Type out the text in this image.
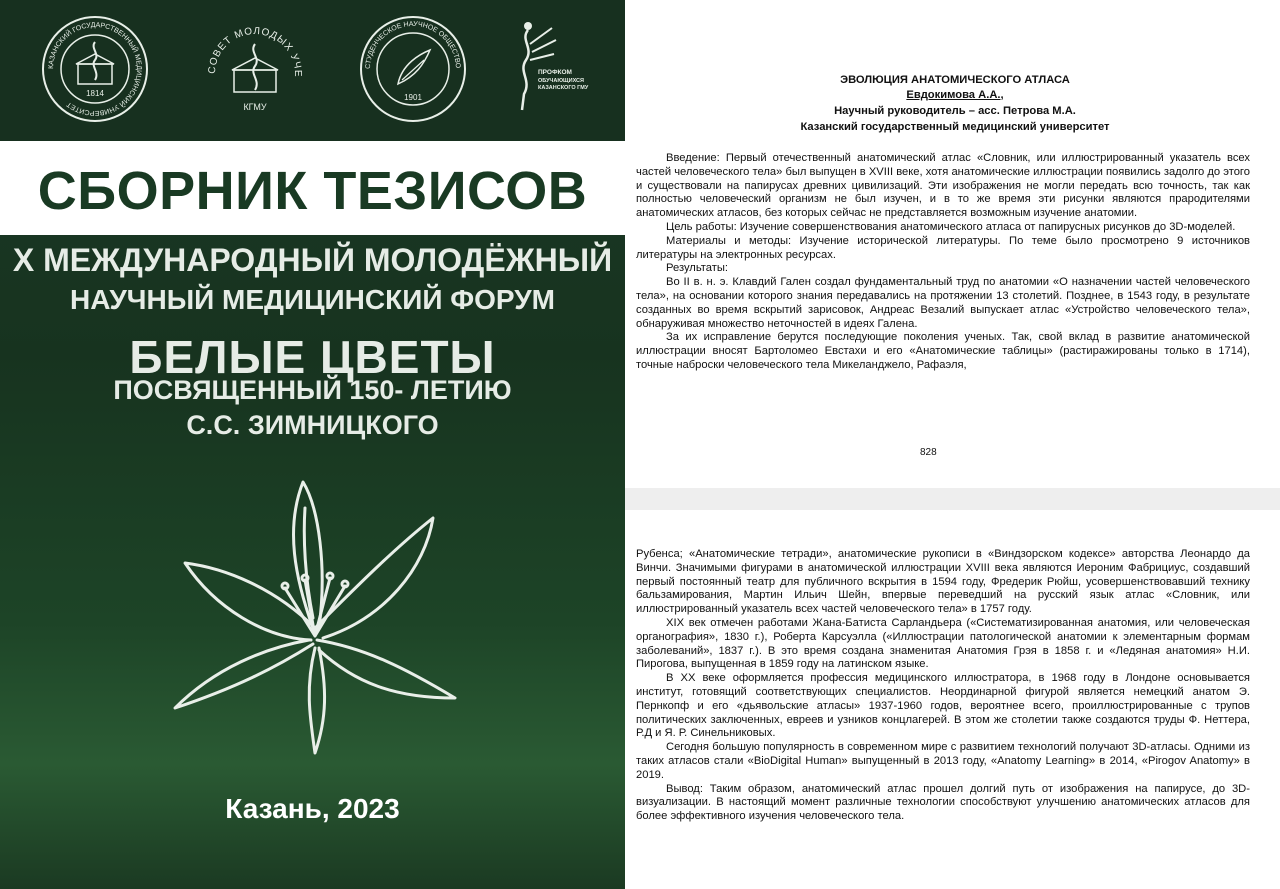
КАЗАНСКИЙ ГОСУДАРСТВЕННЫЙ МЕДИЦИНСКИЙ УНИВЕРСИТЕТ
1814
СОВЕТ МОЛОДЫХ УЧЕ
КГМУ
СТУДЕНЧЕСКОЕ НАУЧНОЕ ОБЩЕСТВО
1901
ПРОФКОМ
ОБУЧАЮЩИХСЯ
КАЗАНСКОГО ГМУ
СБОРНИК ТЕЗИСОВ
X МЕЖДУНАРОДНЫЙ МОЛОДЁЖНЫЙ
НАУЧНЫЙ МЕДИЦИНСКИЙ ФОРУМ
БЕЛЫЕ ЦВЕТЫ
ПОСВЯЩЕННЫЙ 150- ЛЕТИЮ
С.С. ЗИМНИЦКОГО
Казань, 2023
ЭВОЛЮЦИЯ АНАТОМИЧЕСКОГО АТЛАСА
Евдокимова А.А.,
Научный руководитель – асс. Петрова М.А.
Казанский государственный медицинский университет
Введение: Первый отечественный анатомический атлас «Словник, или иллюстрированный указатель всех частей человеческого тела» был выпущен в XVIII веке, хотя анатомические иллюстрации появились задолго до этого и существовали на папирусах древних цивилизаций. Эти изображения не могли передать всю точность, так как полностью человеческий организм не был изучен, и в то же время эти рисунки являются прародителями анатомических атласов, без которых сейчас не представляется возможным изучение анатомии.
Цель работы: Изучение совершенствования анатомического атласа от папирусных рисунков до 3D-моделей.
Материалы и методы: Изучение исторической литературы. По теме было просмотрено 9 источников литературы на электронных ресурсах.
Результаты:
Во II в. н. э. Клавдий Гален создал фундаментальный труд по анатомии «О назначении частей человеческого тела», на основании которого знания передавались на протяжении 13 столетий. Позднее, в 1543 году, в результате созданных во время вскрытий зарисовок, Андреас Везалий выпускает атлас «Устройство человеческого тела», обнаруживая множество неточностей в идеях Галена.
За их исправление берутся последующие поколения ученых. Так, свой вклад в развитие анатомической иллюстрации вносят Бартоломео Евстахи и его «Анатомические таблицы» (растиражированы только в 1714), точные наброски человеческого тела Микеланджело, Рафаэля,
828
Рубенса; «Анатомические тетради», анатомические рукописи в «Виндзорском кодексе» авторства Леонардо да Винчи. Значимыми фигурами в анатомической иллюстрации XVIII века являются Иероним Фабрициус, создавший первый постоянный театр для публичного вскрытия в 1594 году, Фредерик Рюйш, усовершенствовавший технику бальзамирования, Мартин Ильич Шейн, впервые переведший на русский язык атлас «Словник, или иллюстрированный указатель всех частей человеческого тела» в 1757 году.
XIX век отмечен работами Жана-Батиста Сарландьера («Систематизированная анатомия, или человеческая органография», 1830 г.), Роберта Карсуэлла («Иллюстрации патологической анатомии к элементарным формам заболеваний», 1837 г.). В это время создана знаменитая Анатомия Грэя в 1858 г. и «Ледяная анатомия» Н.И. Пирогова, выпущенная в 1859 году на латинском языке.
В XX веке оформляется профессия медицинского иллюстратора, в 1968 году в Лондоне основывается институт, готовящий соответствующих специалистов. Неординарной фигурой является немецкий анатом Э. Пернкопф и его «дьявольские атласы» 1937-1960 годов, вероятнее всего, проиллюстрированные с трупов политических заключенных, евреев и узников концлагерей. В этом же столетии также создаются труды Ф. Неттера, Р.Д и Я. Р. Синельниковых.
Сегодня большую популярность в современном мире с развитием технологий получают 3D-атласы. Одними из таких атласов стали «BioDigital Human» выпущенный в 2013 году, «Anatomy Learning» в 2014, «Pirogov Anatomy» в 2019.
Вывод: Таким образом, анатомический атлас прошел долгий путь от изображения на папирусе, до 3D-визуализации. В настоящий момент различные технологии способствуют улучшению анатомических атласов для более эффективного изучения человеческого тела.
